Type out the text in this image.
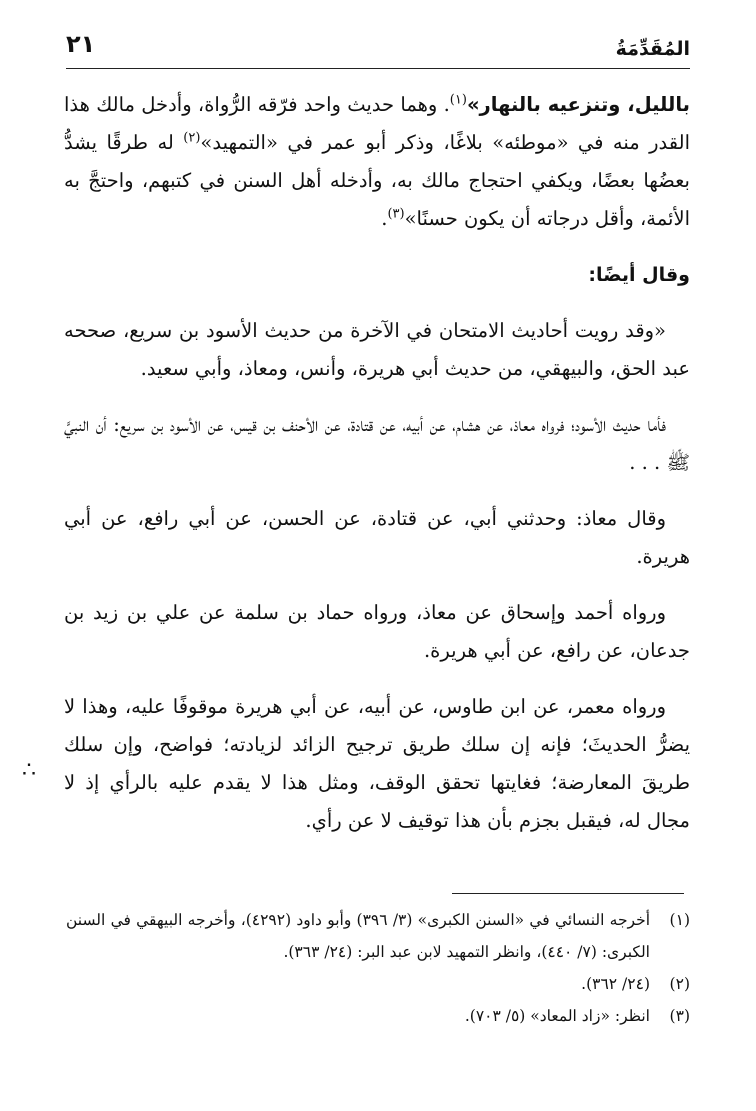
٢١	المُقَدِّمَةُ

بالليل، وتنزعيه بالنهار»$^{(١)}$. وهما حديث واحد فرّقه الرُّواة، وأدخل مالك هذا القدر منه في «موطئه» بلاغًا، وذكر أبو عمر في «التمهيد»$^{(٢)}$ له طرقًا يشدُّ بعضُها بعضًا، ويكفي احتجاج مالك به، وأدخله أهل السنن في كتبهم، واحتجَّ به الأئمة، وأقل درجاته أن يكون حسنًا»$^{(٣)}$.

وقال أيضًا:

«وقد رويت أحاديث الامتحان في الآخرة من حديث الأسود بن سريع، صححه عبد الحق، والبيهقي، من حديث أبي هريرة، وأنس، ومعاذ، وأبي سعيد.

فأما حديث الأسود؛ فرواه معاذ، عن هشام، عن أبيه، عن قتادة، عن الأحنف بن قيس، عن الأسود بن سريع: أن النبيَّ ﷺ . . .

وقال معاذ: وحدثني أبي، عن قتادة، عن الحسن، عن أبي رافع، عن أبي هريرة.

ورواه أحمد وإسحاق عن معاذ، ورواه حماد بن سلمة عن علي بن زيد بن جدعان، عن رافع، عن أبي هريرة.

ورواه معمر، عن ابن طاوس، عن أبيه، عن أبي هريرة موقوفًا عليه، وهذا لا يضرُّ الحديثَ؛ فإنه إن سلك طريق ترجيح الزائد لزيادته؛ فواضح، وإن سلك طريقَ المعارضة؛ فغايتها تحقق الوقف، ومثل هذا لا يقدم عليه بالرأي إذ لا مجال له، فيقبل بجزم بأن هذا توقيف لا عن رأي.

∴
(١)
أخرجه النسائي في «السنن الكبرى» (٣/ ٣٩٦) وأبو داود (٤٢٩٢)، وأخرجه البيهقي في السنن الكبرى: (٧/ ٤٤٠)، وانظر التمهيد لابن عبد البر: (٢٤/ ٣٦٣).
(٢)
(٢٤/ ٣٦٢).
(٣)
انظر: «زاد المعاد» (٥/ ٧٠٣).
